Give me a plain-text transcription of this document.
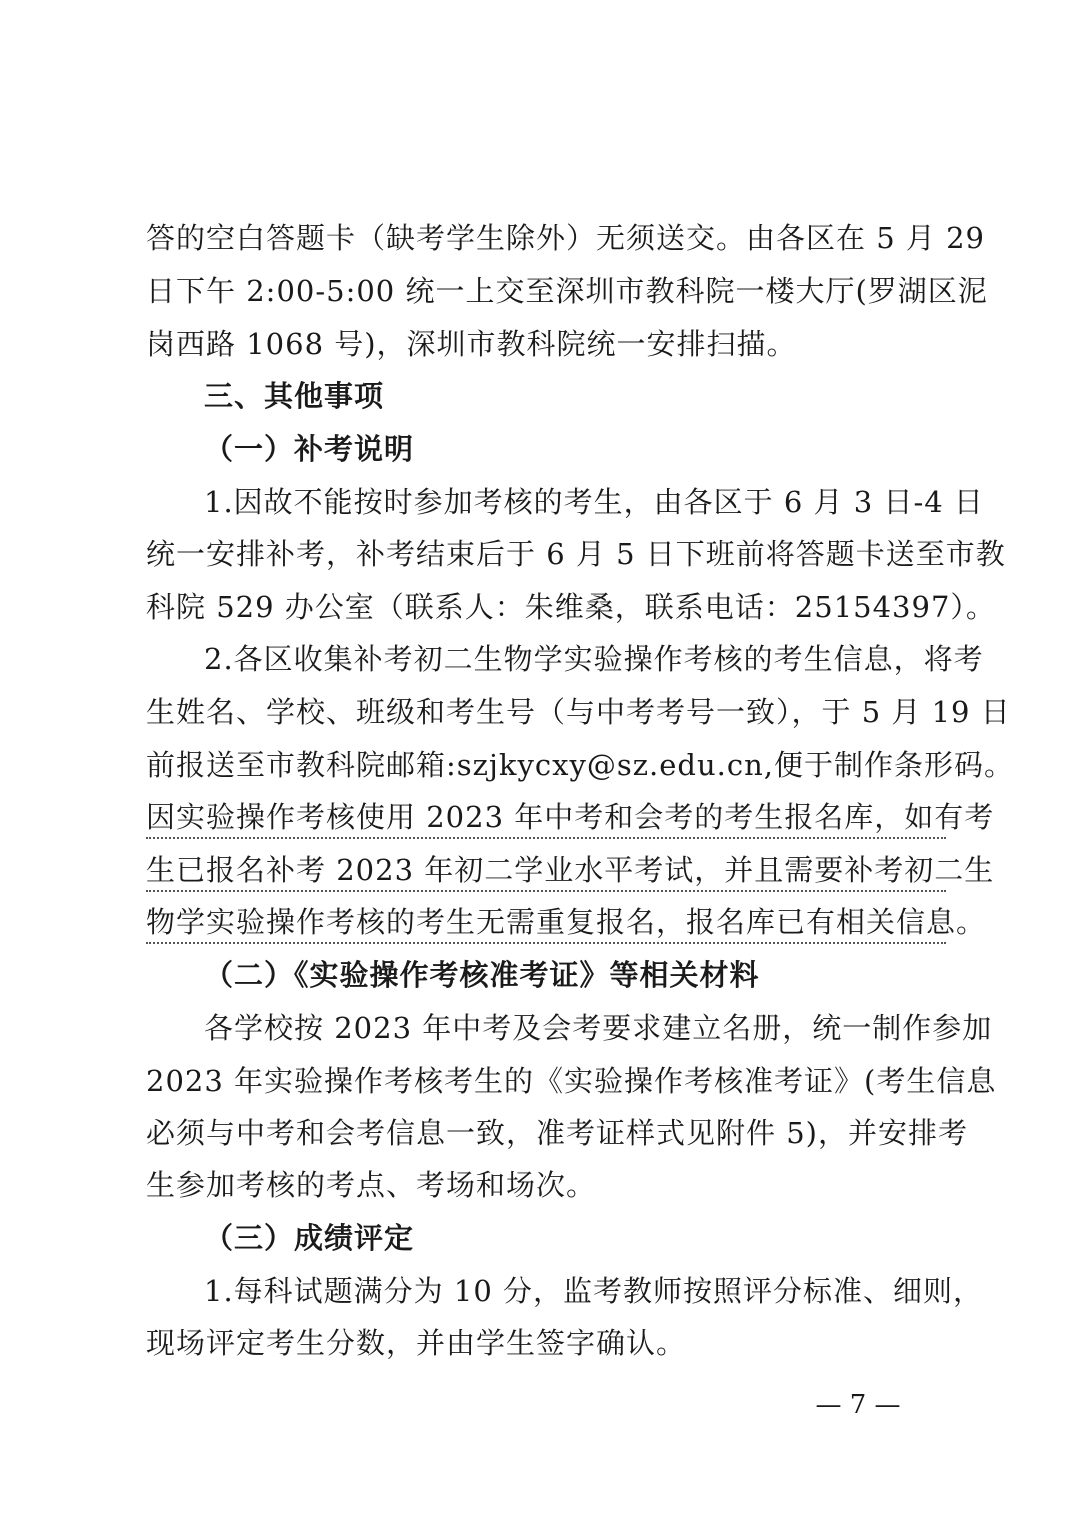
答的空白答题卡（缺考学生除外）无须送交。由各区在 5 月 29
日下午 2:00-5:00 统一上交至深圳市教科院一楼大厅(罗湖区泥
岗西路 1068 号)，深圳市教科院统一安排扫描。
三、其他事项
（一）补考说明
1.因故不能按时参加考核的考生，由各区于 6 月 3 日-4 日
统一安排补考，补考结束后于 6 月 5 日下班前将答题卡送至市教
科院 529 办公室（联系人：朱维桑，联系电话：25154397）。
2.各区收集补考初二生物学实验操作考核的考生信息，将考
生姓名、学校、班级和考生号（与中考考号一致），于 5 月 19 日
前报送至市教科院邮箱:szjkycxy@sz.edu.cn,便于制作条形码。
因实验操作考核使用 2023 年中考和会考的考生报名库，如有考
生已报名补考 2023 年初二学业水平考试，并且需要补考初二生
物学实验操作考核的考生无需重复报名，报名库已有相关信息。
（二）《实验操作考核准考证》等相关材料
各学校按 2023 年中考及会考要求建立名册，统一制作参加
2023 年实验操作考核考生的《实验操作考核准考证》(考生信息
必须与中考和会考信息一致，准考证样式见附件 5)，并安排考
生参加考核的考点、考场和场次。
（三）成绩评定
1.每科试题满分为 10 分，监考教师按照评分标准、细则，
现场评定考生分数，并由学生签字确认。
— 7 —
